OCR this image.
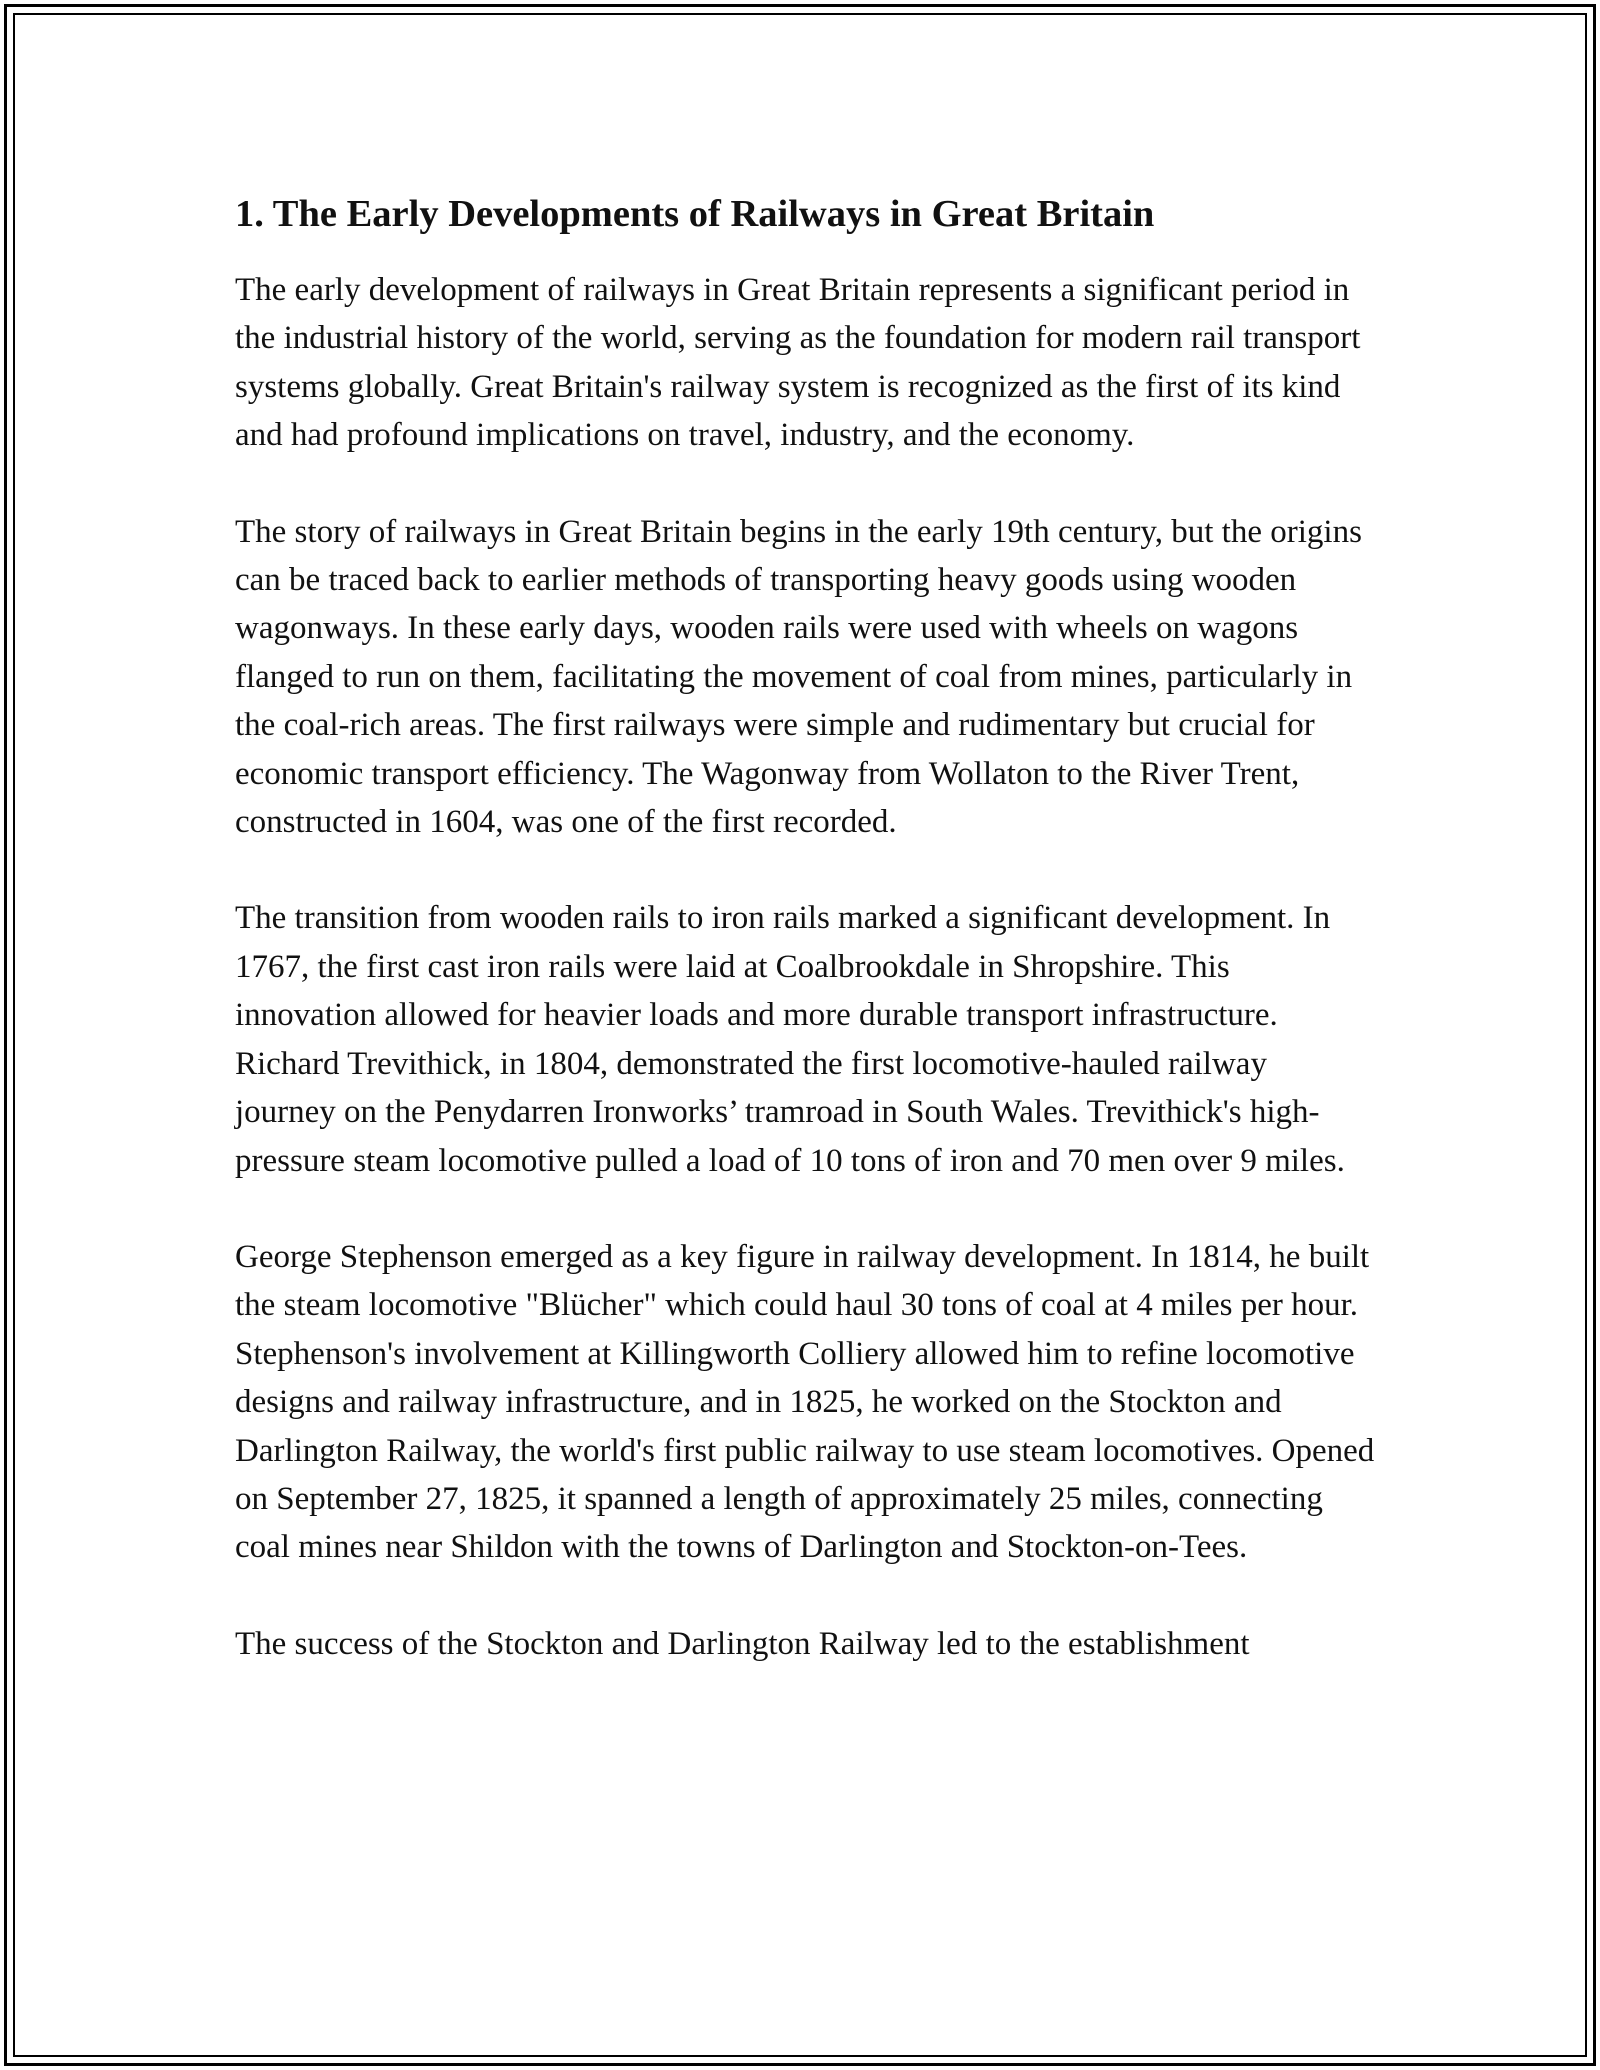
1. The Early Developments of Railways in Great Britain

The early development of railways in Great Britain represents a significant period in the industrial history of the world, serving as the foundation for modern rail transport systems globally. Great Britain's railway system is recognized as the first of its kind and had profound implications on travel, industry, and the economy.

The story of railways in Great Britain begins in the early 19th century, but the origins can be traced back to earlier methods of transporting heavy goods using wooden wagonways. In these early days, wooden rails were used with wheels on wagons flanged to run on them, facilitating the movement of coal from mines, particularly in the coal-rich areas. The first railways were simple and rudimentary but crucial for economic transport efficiency. The Wagonway from Wollaton to the River Trent, constructed in 1604, was one of the first recorded.

The transition from wooden rails to iron rails marked a significant development. In 1767, the first cast iron rails were laid at Coalbrookdale in Shropshire. This innovation allowed for heavier loads and more durable transport infrastructure. Richard Trevithick, in 1804, demonstrated the first locomotive-hauled railway journey on the Penydarren Ironworks’ tramroad in South Wales. Trevithick's high-pressure steam locomotive pulled a load of 10 tons of iron and 70 men over 9 miles.

George Stephenson emerged as a key figure in railway development. In 1814, he built the steam locomotive "Blücher" which could haul 30 tons of coal at 4 miles per hour. Stephenson's involvement at Killingworth Colliery allowed him to refine locomotive designs and railway infrastructure, and in 1825, he worked on the Stockton and Darlington Railway, the world's first public railway to use steam locomotives. Opened on September 27, 1825, it spanned a length of approximately 25 miles, connecting coal mines near Shildon with the towns of Darlington and Stockton-on-Tees.

The success of the Stockton and Darlington Railway led to the establishment
